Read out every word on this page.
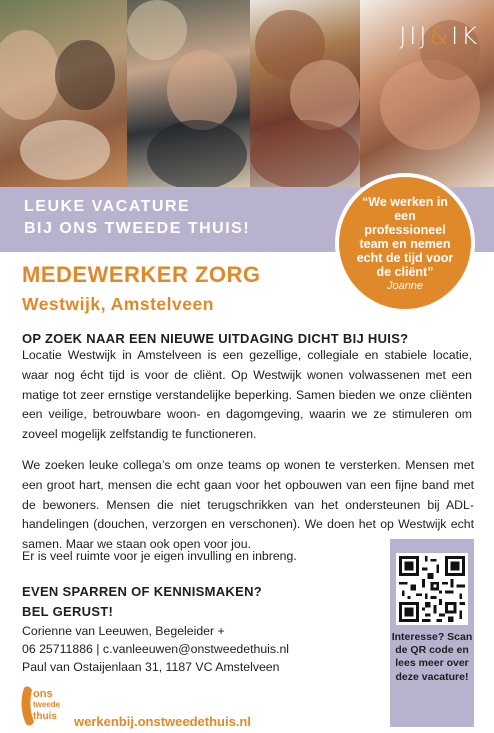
JIJ&IK
LEUKE VACATURE
BIJ ONS TWEEDE THUIS!
“We werken in een professioneel team en nemen echt de tijd voor de cliënt”
Joanne
MEDEWERKER ZORG
Westwijk, Amstelveen
OP ZOEK NAAR EEN NIEUWE UITDAGING DICHT BIJ HUIS?
Locatie Westwijk in Amstelveen is een gezellige, collegiale en stabiele locatie, waar nog écht tijd is voor de cliënt. Op Westwijk wonen volwassenen met een matige tot zeer ernstige verstandelijke beperking. Samen bieden we onze cliënten een veilige, betrouwbare woon- en dagomgeving, waarin we ze stimuleren om zoveel mogelijk zelfstandig te functioneren.
We zoeken leuke collega’s om onze teams op wonen te versterken. Mensen met een groot hart, mensen die echt gaan voor het opbouwen van een fijne band met de bewoners. Mensen die niet terugschrikken van het ondersteunen bij ADL-handelingen (douchen, verzorgen en verschonen). We doen het op Westwijk echt samen. Maar we staan ook open voor jou.
Er is veel ruimte voor je eigen invulling en inbreng.
EVEN SPARREN OF KENNISMAKEN?
BEL GERUST!
Corienne van Leeuwen, Begeleider +
06 25711886 | c.vanleeuwen@onstweedethuis.nl
Paul van Ostaijenlaan 31, 1187 VC Amstelveen
Interesse? Scan de QR code en lees meer over deze vacature!
ons tweede thuis werkenbij.onstweedethuis.nl
